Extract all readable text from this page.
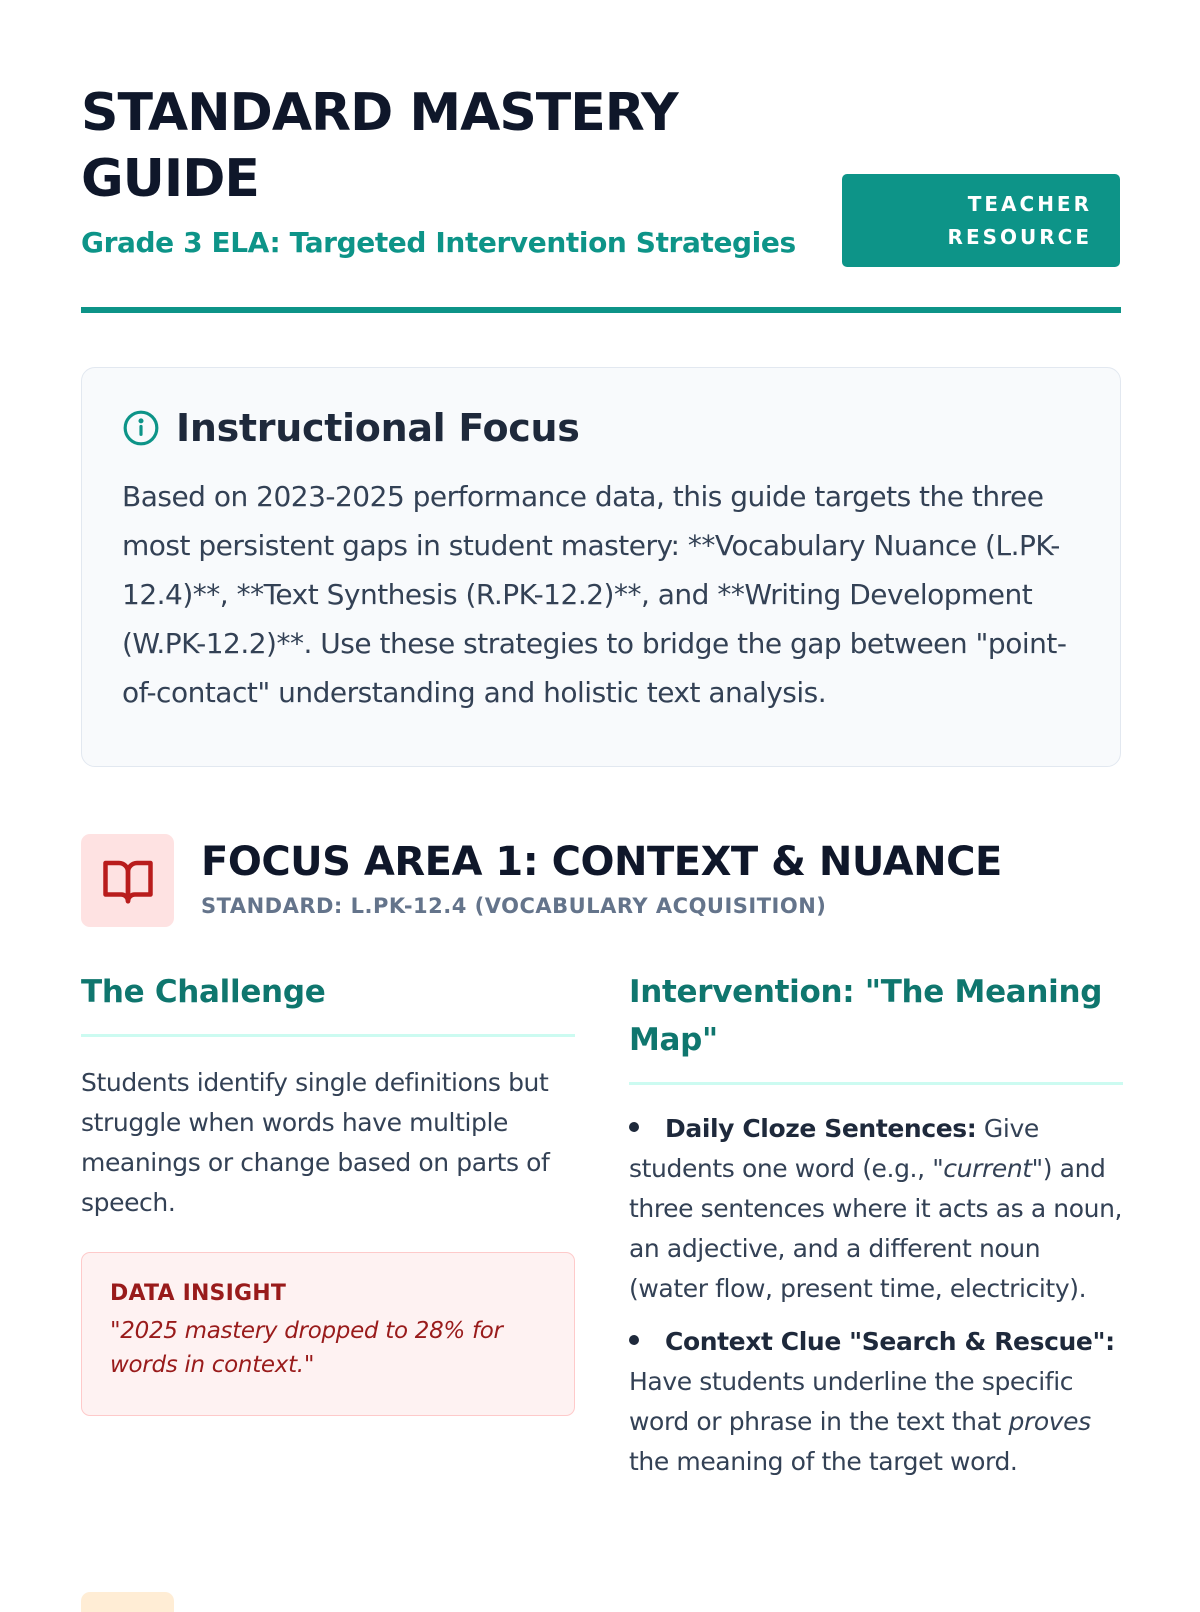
STANDARD MASTERY GUIDE

Grade 3 ELA: Targeted Intervention Strategies

TEACHER
RESOURCE
Instructional Focus

Based on 2023-2025 performance data, this guide targets the three most persistent gaps in student mastery: **Vocabulary Nuance (L.PK-12.4)**, **Text Synthesis (R.PK-12.2)**, and **Writing Development (W.PK-12.2)**. Use these strategies to bridge the gap between "point-of-contact" understanding and holistic text analysis.

FOCUS AREA 1: CONTEXT & NUANCE

STANDARD: L.PK-12.4 (VOCABULARY ACQUISITION)

The Challenge

Students identify single definitions but struggle when words have multiple meanings or change based on parts of speech.

DATA INSIGHT
"2025 mastery dropped to 28% for words in context."
Intervention: "The Meaning Map"
Daily Cloze Sentences: Give students one word (e.g., "current") and three sentences where it acts as a noun, an adjective, and a different noun (water flow, present time, electricity).
Context Clue "Search & Rescue": Have students underline the specific word or phrase in the text that proves the meaning of the target word.
